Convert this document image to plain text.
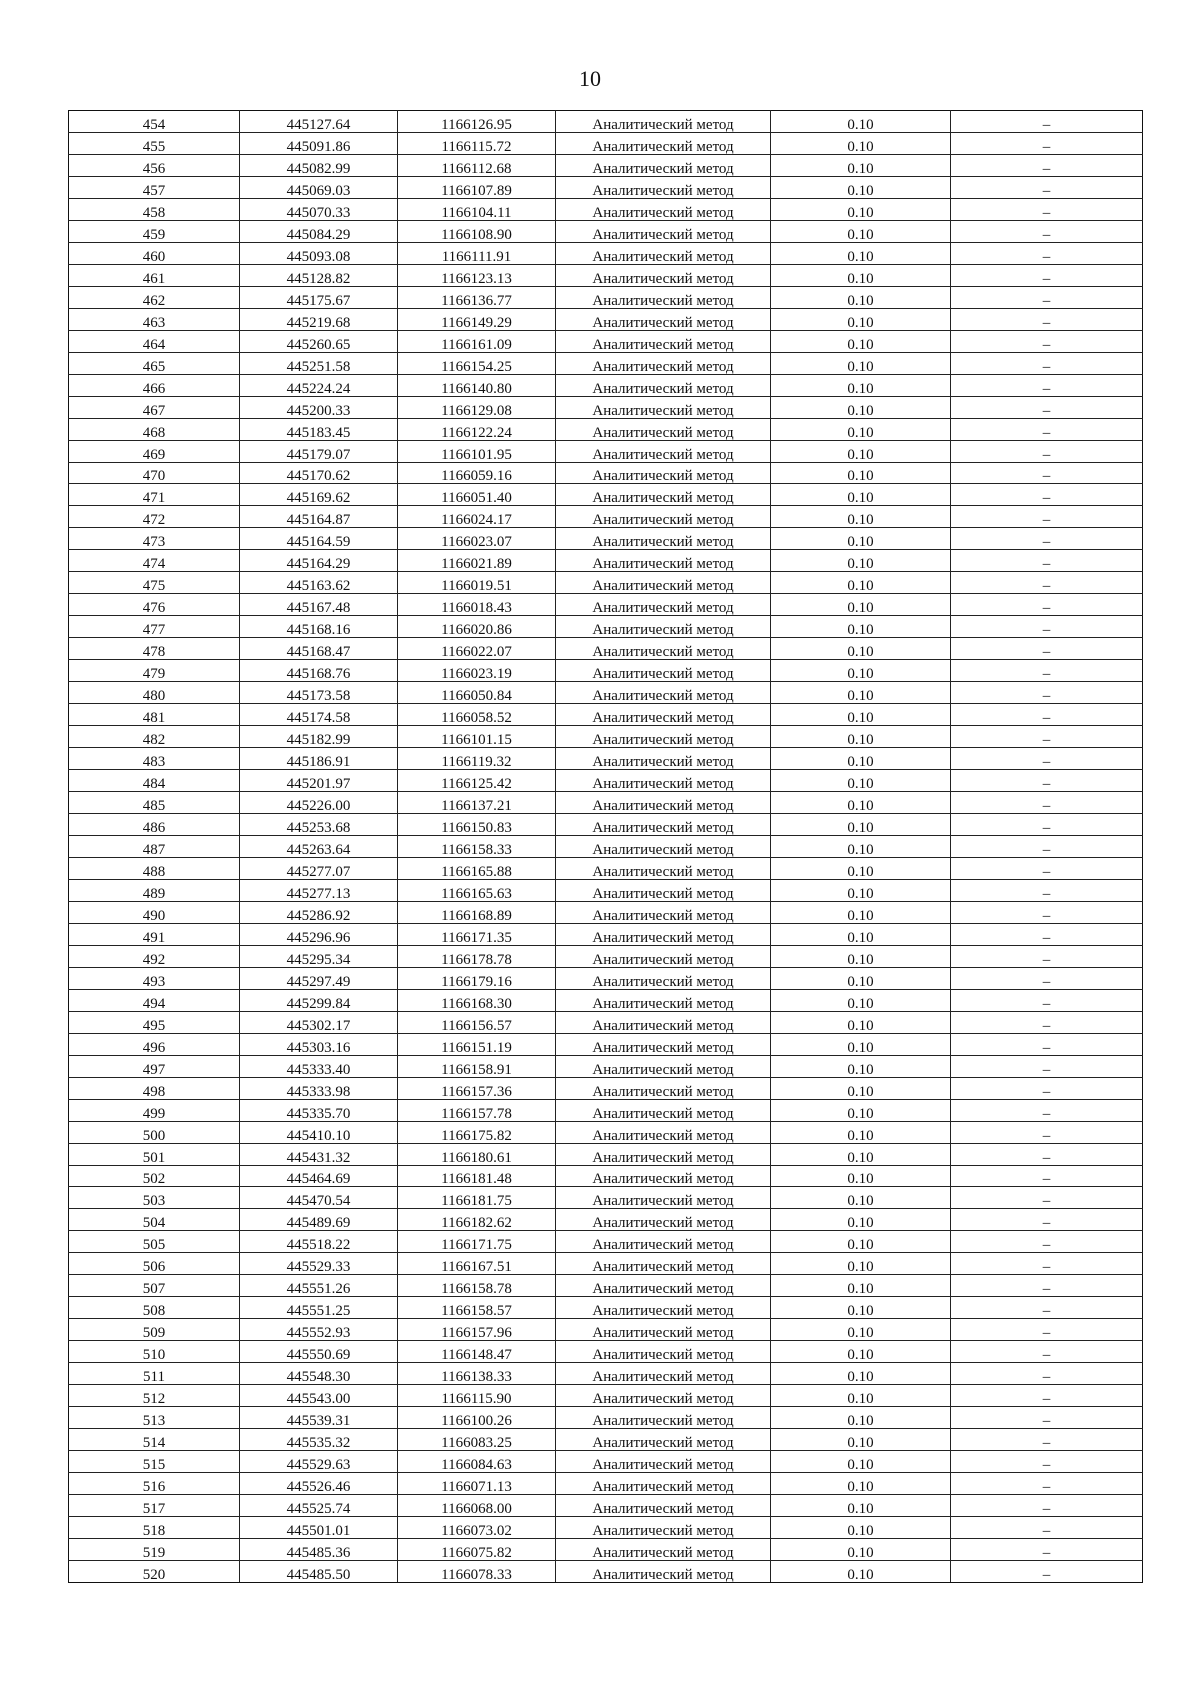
10
454	445127.64	1166126.95	Аналитический метод	0.10	–
455	445091.86	1166115.72	Аналитический метод	0.10	–
456	445082.99	1166112.68	Аналитический метод	0.10	–
457	445069.03	1166107.89	Аналитический метод	0.10	–
458	445070.33	1166104.11	Аналитический метод	0.10	–
459	445084.29	1166108.90	Аналитический метод	0.10	–
460	445093.08	1166111.91	Аналитический метод	0.10	–
461	445128.82	1166123.13	Аналитический метод	0.10	–
462	445175.67	1166136.77	Аналитический метод	0.10	–
463	445219.68	1166149.29	Аналитический метод	0.10	–
464	445260.65	1166161.09	Аналитический метод	0.10	–
465	445251.58	1166154.25	Аналитический метод	0.10	–
466	445224.24	1166140.80	Аналитический метод	0.10	–
467	445200.33	1166129.08	Аналитический метод	0.10	–
468	445183.45	1166122.24	Аналитический метод	0.10	–
469	445179.07	1166101.95	Аналитический метод	0.10	–
470	445170.62	1166059.16	Аналитический метод	0.10	–
471	445169.62	1166051.40	Аналитический метод	0.10	–
472	445164.87	1166024.17	Аналитический метод	0.10	–
473	445164.59	1166023.07	Аналитический метод	0.10	–
474	445164.29	1166021.89	Аналитический метод	0.10	–
475	445163.62	1166019.51	Аналитический метод	0.10	–
476	445167.48	1166018.43	Аналитический метод	0.10	–
477	445168.16	1166020.86	Аналитический метод	0.10	–
478	445168.47	1166022.07	Аналитический метод	0.10	–
479	445168.76	1166023.19	Аналитический метод	0.10	–
480	445173.58	1166050.84	Аналитический метод	0.10	–
481	445174.58	1166058.52	Аналитический метод	0.10	–
482	445182.99	1166101.15	Аналитический метод	0.10	–
483	445186.91	1166119.32	Аналитический метод	0.10	–
484	445201.97	1166125.42	Аналитический метод	0.10	–
485	445226.00	1166137.21	Аналитический метод	0.10	–
486	445253.68	1166150.83	Аналитический метод	0.10	–
487	445263.64	1166158.33	Аналитический метод	0.10	–
488	445277.07	1166165.88	Аналитический метод	0.10	–
489	445277.13	1166165.63	Аналитический метод	0.10	–
490	445286.92	1166168.89	Аналитический метод	0.10	–
491	445296.96	1166171.35	Аналитический метод	0.10	–
492	445295.34	1166178.78	Аналитический метод	0.10	–
493	445297.49	1166179.16	Аналитический метод	0.10	–
494	445299.84	1166168.30	Аналитический метод	0.10	–
495	445302.17	1166156.57	Аналитический метод	0.10	–
496	445303.16	1166151.19	Аналитический метод	0.10	–
497	445333.40	1166158.91	Аналитический метод	0.10	–
498	445333.98	1166157.36	Аналитический метод	0.10	–
499	445335.70	1166157.78	Аналитический метод	0.10	–
500	445410.10	1166175.82	Аналитический метод	0.10	–
501	445431.32	1166180.61	Аналитический метод	0.10	–
502	445464.69	1166181.48	Аналитический метод	0.10	–
503	445470.54	1166181.75	Аналитический метод	0.10	–
504	445489.69	1166182.62	Аналитический метод	0.10	–
505	445518.22	1166171.75	Аналитический метод	0.10	–
506	445529.33	1166167.51	Аналитический метод	0.10	–
507	445551.26	1166158.78	Аналитический метод	0.10	–
508	445551.25	1166158.57	Аналитический метод	0.10	–
509	445552.93	1166157.96	Аналитический метод	0.10	–
510	445550.69	1166148.47	Аналитический метод	0.10	–
511	445548.30	1166138.33	Аналитический метод	0.10	–
512	445543.00	1166115.90	Аналитический метод	0.10	–
513	445539.31	1166100.26	Аналитический метод	0.10	–
514	445535.32	1166083.25	Аналитический метод	0.10	–
515	445529.63	1166084.63	Аналитический метод	0.10	–
516	445526.46	1166071.13	Аналитический метод	0.10	–
517	445525.74	1166068.00	Аналитический метод	0.10	–
518	445501.01	1166073.02	Аналитический метод	0.10	–
519	445485.36	1166075.82	Аналитический метод	0.10	–
520	445485.50	1166078.33	Аналитический метод	0.10	–
